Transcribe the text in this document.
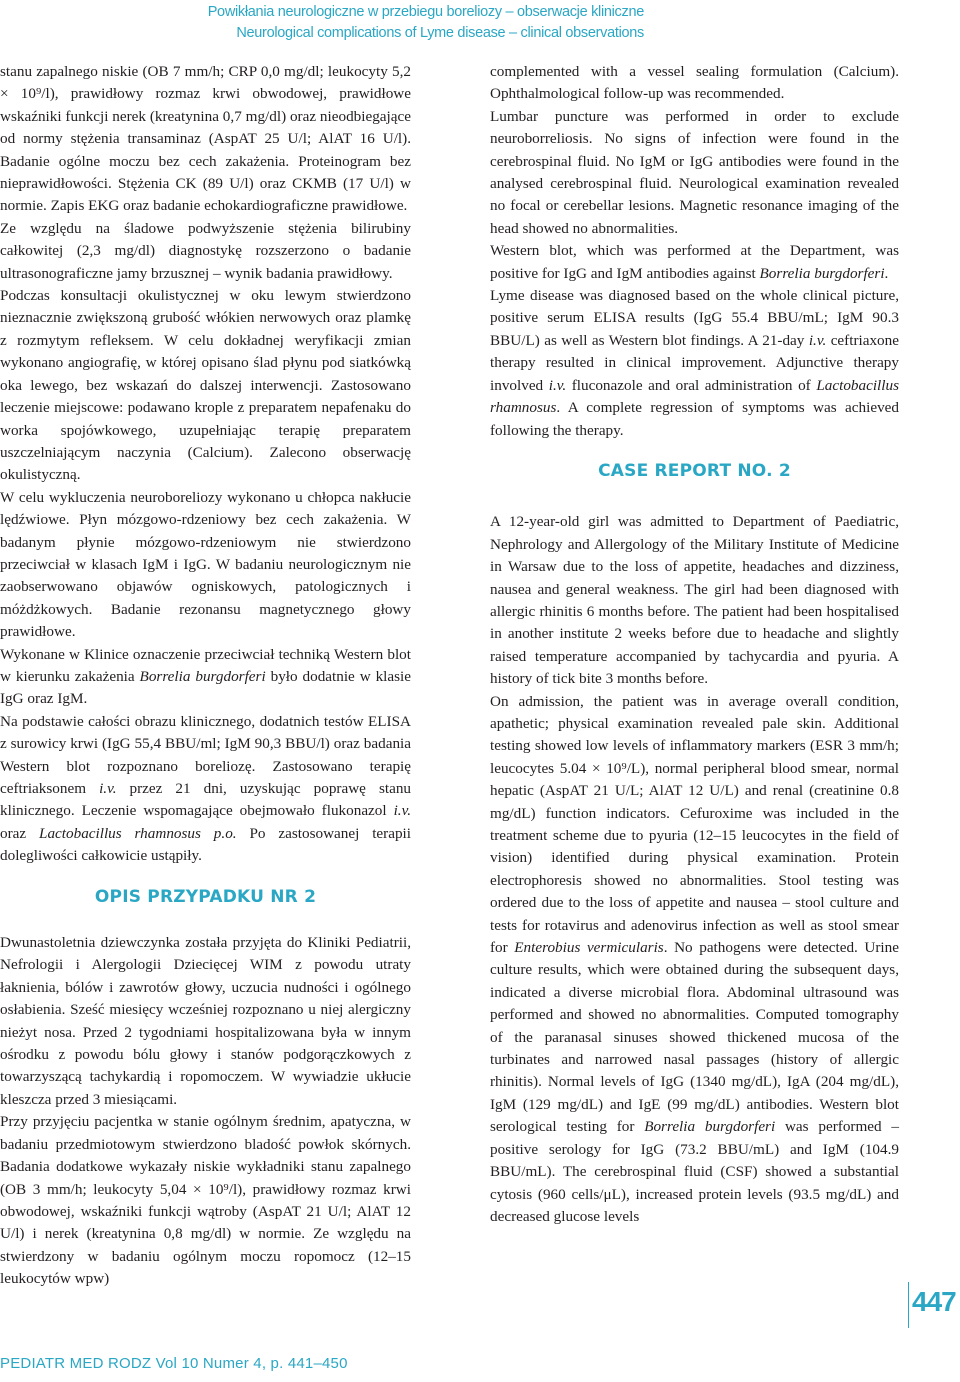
Powikłania neurologiczne w przebiegu boreliozy – obserwacje kliniczne
Neurological complications of Lyme disease – clinical observations

stanu zapalnego niskie (OB 7 mm/h; CRP 0,0 mg/dl; leukocyty 5,2 × 10⁹/l), prawidłowy rozmaz krwi obwodowej, prawidłowe wskaźniki funkcji nerek (kreatynina 0,7 mg/dl) oraz nieodbiegające od normy stężenia transaminaz (AspAT 25 U/l; AlAT 16 U/l). Badanie ogólne moczu bez cech zakażenia. Proteinogram bez nieprawidłowości. Stężenia CK (89 U/l) oraz CKMB (17 U/l) w normie. Zapis EKG oraz badanie echokardiograficzne prawidłowe.

Ze względu na śladowe podwyższenie stężenia bilirubiny całkowitej (2,3 mg/dl) diagnostykę rozszerzono o badanie ultrasonograficzne jamy brzusznej – wynik badania prawidłowy.

Podczas konsultacji okulistycznej w oku lewym stwierdzono nieznacznie zwiększoną grubość włókien nerwowych oraz plamkę z rozmytym refleksem. W celu dokładnej weryfikacji zmian wykonano angiografię, w której opisano ślad płynu pod siatkówką oka lewego, bez wskazań do dalszej interwencji. Zastosowano leczenie miejscowe: podawano krople z preparatem nepafenaku do worka spojówkowego, uzupełniając terapię preparatem uszczelniającym naczynia (Calcium). Zalecono obserwację okulistyczną.

W celu wykluczenia neuroboreliozy wykonano u chłopca nakłucie lędźwiowe. Płyn mózgowo-rdzeniowy bez cech zakażenia. W badanym płynie mózgowo-rdzeniowym nie stwierdzono przeciwciał w klasach IgM i IgG. W badaniu neurologicznym nie zaobserwowano objawów ogniskowych, patologicznych i móżdżkowych. Badanie rezonansu magnetycznego głowy prawidłowe.

Wykonane w Klinice oznaczenie przeciwciał techniką Western blot w kierunku zakażenia Borrelia burgdorferi było dodatnie w klasie IgG oraz IgM.

Na podstawie całości obrazu klinicznego, dodatnich testów ELISA z surowicy krwi (IgG 55,4 BBU/ml; IgM 90,3 BBU/l) oraz badania Western blot rozpoznano boreliozę. Zastosowano terapię ceftriaksonem i.v. przez 21 dni, uzyskując poprawę stanu klinicznego. Leczenie wspomagające obejmowało flukonazol i.v. oraz Lactobacillus rhamnosus p.o. Po zastosowanej terapii dolegliwości całkowicie ustąpiły.

OPIS PRZYPADKU NR 2

Dwunastoletnia dziewczynka została przyjęta do Kliniki Pediatrii, Nefrologii i Alergologii Dziecięcej WIM z powodu utraty łaknienia, bólów i zawrotów głowy, uczucia nudności i ogólnego osłabienia. Sześć miesięcy wcześniej rozpoznano u niej alergiczny nieżyt nosa. Przed 2 tygodniami hospitalizowana była w innym ośrodku z powodu bólu głowy i stanów podgorączkowych z towarzyszącą tachykardią i ropomoczem. W wywiadzie ukłucie kleszcza przed 3 miesiącami.

Przy przyjęciu pacjentka w stanie ogólnym średnim, apatyczna, w badaniu przedmiotowym stwierdzono bladość powłok skórnych. Badania dodatkowe wykazały niskie wykładniki stanu zapalnego (OB 3 mm/h; leukocyty 5,04 × 10⁹/l), prawidłowy rozmaz krwi obwodowej, wskaźniki funkcji wątroby (AspAT 21 U/l; AlAT 12 U/l) i nerek (kreatynina 0,8 mg/dl) w normie. Ze względu na stwierdzony w badaniu ogólnym moczu ropomocz (12–15 leukocytów wpw)

complemented with a vessel sealing formulation (Calcium). Ophthalmological follow-up was recommended.

Lumbar puncture was performed in order to exclude neuroborreliosis. No signs of infection were found in the cerebrospinal fluid. No IgM or IgG antibodies were found in the analysed cerebrospinal fluid. Neurological examination revealed no focal or cerebellar lesions. Magnetic resonance imaging of the head showed no abnormalities.

Western blot, which was performed at the Department, was positive for IgG and IgM antibodies against Borrelia burgdorferi.

Lyme disease was diagnosed based on the whole clinical picture, positive serum ELISA results (IgG 55.4 BBU/mL; IgM 90.3 BBU/L) as well as Western blot findings. A 21-day i.v. ceftriaxone therapy resulted in clinical improvement. Adjunctive therapy involved i.v. fluconazole and oral administration of Lactobacillus rhamnosus. A complete regression of symptoms was achieved following the therapy.

CASE REPORT NO. 2

A 12-year-old girl was admitted to Department of Paediatric, Nephrology and Allergology of the Military Institute of Medicine in Warsaw due to the loss of appetite, headaches and dizziness, nausea and general weakness. The girl had been diagnosed with allergic rhinitis 6 months before. The patient had been hospitalised in another institute 2 weeks before due to headache and slightly raised temperature accompanied by tachycardia and pyuria. A history of tick bite 3 months before.

On admission, the patient was in average overall condition, apathetic; physical examination revealed pale skin. Additional testing showed low levels of inflammatory markers (ESR 3 mm/h; leucocytes 5.04 × 10⁹/L), normal peripheral blood smear, normal hepatic (AspAT 21 U/L; AlAT 12 U/L) and renal (creatinine 0.8 mg/dL) function indicators. Cefuroxime was included in the treatment scheme due to pyuria (12–15 leucocytes in the field of vision) identified during physical examination. Protein electrophoresis showed no abnormalities. Stool testing was ordered due to the loss of appetite and nausea – stool culture and tests for rotavirus and adenovirus infection as well as stool smear for Enterobius vermicularis. No pathogens were detected. Urine culture results, which were obtained during the subsequent days, indicated a diverse microbial flora. Abdominal ultrasound was performed and showed no abnormalities. Computed tomography of the paranasal sinuses showed thickened mucosa of the turbinates and narrowed nasal passages (history of allergic rhinitis). Normal levels of IgG (1340 mg/dL), IgA (204 mg/dL), IgM (129 mg/dL) and IgE (99 mg/dL) antibodies. Western blot serological testing for Borrelia burgdorferi was performed – positive serology for IgG (73.2 BBU/mL) and IgM (104.9 BBU/mL). The cerebrospinal fluid (CSF) showed a substantial cytosis (960 cells/μL), increased protein levels (93.5 mg/dL) and decreased glucose levels

447
PEDIATR MED RODZ Vol 10 Numer 4, p. 441–450
